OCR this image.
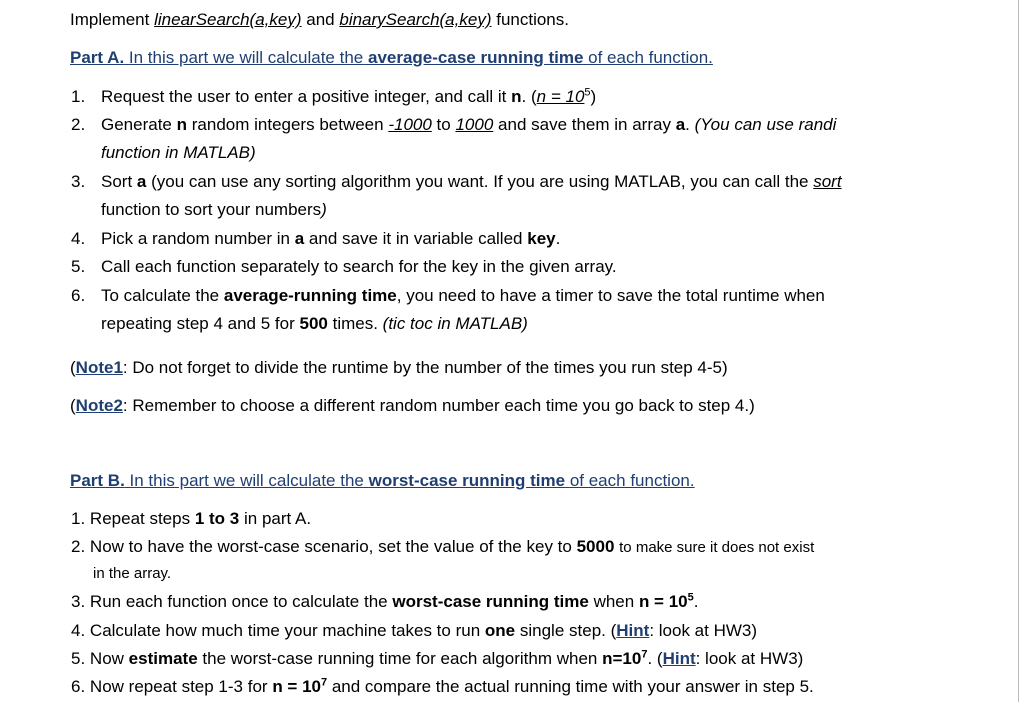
Implement linearSearch(a,key) and binarySearch(a,key) functions.
Part A. In this part we will calculate the average-case running time of each function.
1. Request the user to enter a positive integer, and call it n. $(n = 10^5)$
2. Generate n random integers between -1000 to 1000 and save them in array a. (You can use randi
function in MATLAB)
3. Sort a (you can use any sorting algorithm you want. If you are using MATLAB, you can call the sort
function to sort your numbers)
4. Pick a random number in a and save it in variable called key.
5. Call each function separately to search for the key in the given array.
6. To calculate the average-running time, you need to have a timer to save the total runtime when
repeating step 4 and 5 for 500 times. (tic toc in MATLAB)
(Note1: Do not forget to divide the runtime by the number of the times you run step 4-5)
(Note2: Remember to choose a different random number each time you go back to step 4.)
Part B. In this part we will calculate the worst-case running time of each function.
1. Repeat steps 1 to 3 in part A.
2. Now to have the worst-case scenario, set the value of the key to 5000 to make sure it does not exist
in the array.
3. Run each function once to calculate the worst-case running time when $n = 10^5$.
4. Calculate how much time your machine takes to run one single step. (Hint: look at HW3)
5. Now estimate the worst-case running time for each algorithm when $n=10^7$. (Hint: look at HW3)
6. Now repeat step 1-3 for $n = 10^7$ and compare the actual running time with your answer in step 5.
